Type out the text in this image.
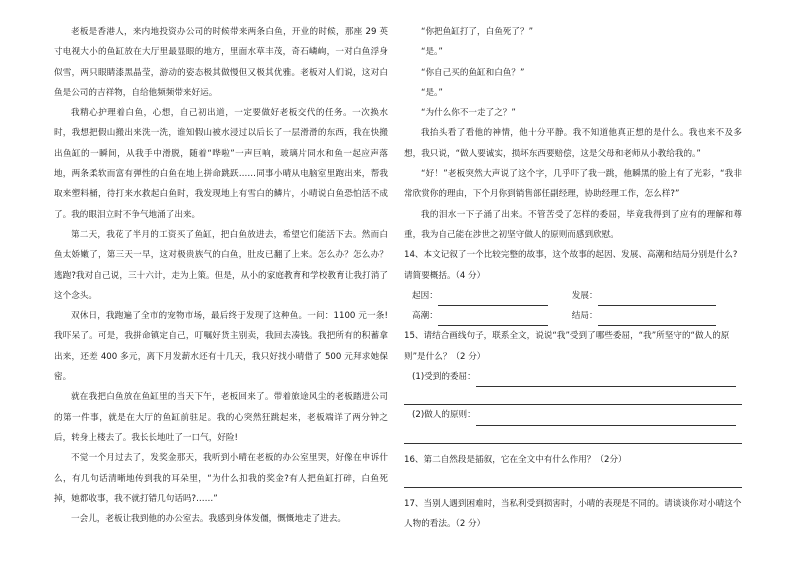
老板是香港人，来内地投资办公司的时候带来两条白鱼，开业的时候，那座 29 英寸电视大小的鱼缸放在大厅里最显眼的地方，里面水草丰茂，奇石嶙峋，一对白鱼浮身似雪，两只眼睛漆黑晶莹，游动的姿态极其做慢但又极其优雅。老板对人们说，这对白鱼是公司的吉祥物，自给他频频带来好运。

我精心护理着白鱼，心想，自己初出道，一定要做好老板交代的任务。一次换水时，我想把假山搬出来洗一洗，谁知假山被水浸过以后长了一层滑滑的东西，我在快搬出鱼缸的一瞬间，从我手中滑脱，随着“哗啦”一声巨响，玻璃片同水和鱼一起应声落地，两条柔软而富有弹性的白鱼在地上拼命跳跃……同事小晴从电脑室里跑出来，帮我取来塑料桶，待打来水救起白鱼时，我发现地上有雪白的鳞片，小晴说白鱼恐怕活不成了。我的眼泪立时不争气地涌了出来。

第二天，我花了半月的工资买了鱼缸，把白鱼放进去，希望它们能活下去。然而白鱼太娇嫩了，第三天一早，这对极贵族气的白鱼，肚皮已翻了上来。怎么办？怎么办？逃跑?我对自己说，三十六计，走为上策。但是，从小的家庭教育和学校教育让我打消了这个念头。

双休日，我跑遍了全市的宠物市场，最后终于发现了这种鱼。一问：1100 元一条!我吓呆了。可是，我拼命镇定自己，叮嘱好货主别卖，我回去凑钱。我把所有的积蓄拿出来，还差 400 多元，离下月发薪水还有十几天，我只好找小晴借了 500 元拜求她保密。

就在我把白鱼放在鱼缸里的当天下午，老板回来了。带着旅途风尘的老板踏进公司的第一件事，就是在大厅的鱼缸前驻足。我的心突然狂跳起来，老板端详了两分钟之后，转身上楼去了。我长长地吐了一口气，好险!

不觉一个月过去了，发奖金那天，我听到小晴在老板的办公室里哭，好像在申诉什么，有几句话清晰地传到我的耳朵里，“为什么扣我的奖金?有人把鱼缸打碎，白鱼死掉，她都收事，我不就打错几句话吗?……”

一会儿，老板让我到他的办公室去。我感到身体发僵，慨慨地走了进去。

“你把鱼缸打了，白鱼死了？”

“是。”

“你自己买的鱼缸和白鱼？”

“是。”

“为什么你不一走了之？”

我抬头看了看他的神情，他十分平静。我不知道他真正想的是什么。我也来不及多想，我只说，“做人要诚实，损坏东西要赔偿，这是父母和老师从小教给我的。”

“好！”老板突然大声说了这个字，几乎吓了我一跳，他瞬黑的脸上有了光彩，“我非常欣赏你的理由，下个月你到销售部任副经理，协助经理工作，怎么样?”

我的泪水一下子涌了出来。不管苦受了怎样的委屈，毕竟我得到了应有的理解和尊重，我为自己能在涉世之初坚守做人的原则而感到欣慰。

14、本文记叙了一个比较完整的故事，这个故事的起因、发展、高潮和结局分别是什么?请简要概括。（4 分）

起因：	发展：
高潮：	结局：

15、请结合画线句子，联系全文，说说“我”受到了哪些委屈，“我”所坚守的“做人的原则”是什么？（2 分）

(1)受到的委屈：
(2)做人的原则：

16、第二自然段是插叙，它在全文中有什么作用？（2分）

17、当别人遇到困难时，当私利受到损害时，小晴的表现是不同的。请谈谈你对小晴这个人物的看法。（2 分）
